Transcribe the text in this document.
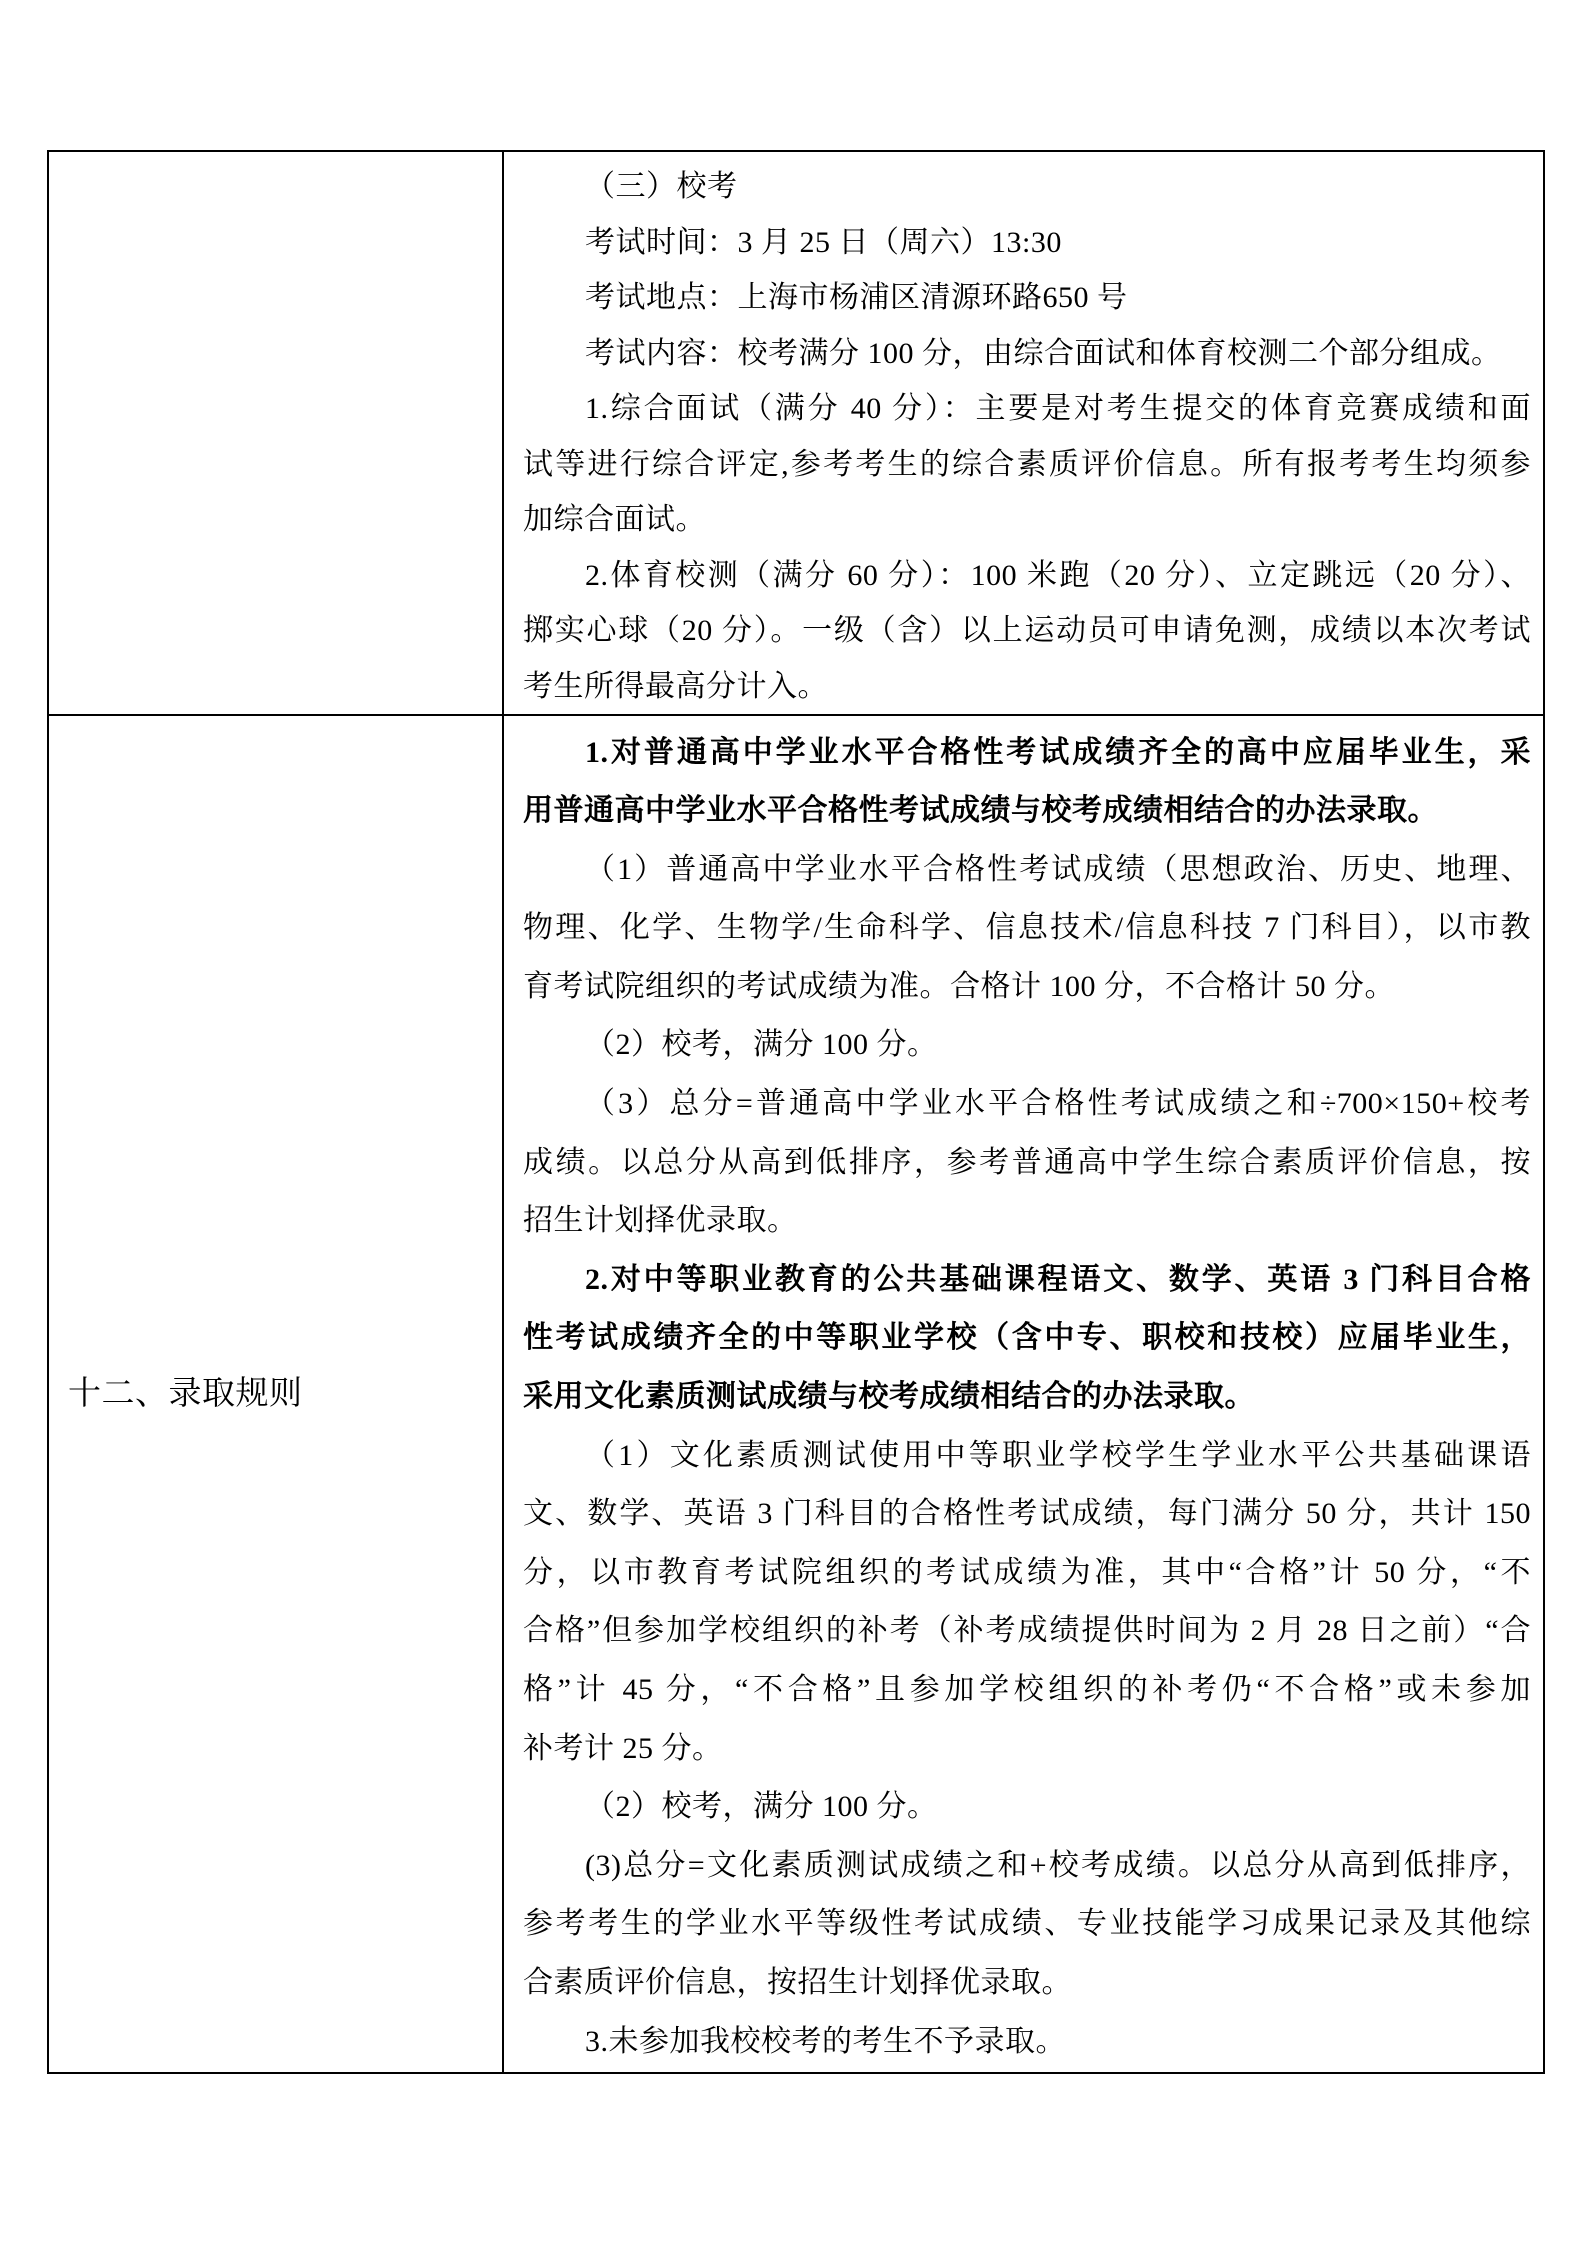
（三）校考
考试时间：3 月 25 日（周六）13:30
考试地点：上海市杨浦区清源环路650 号
考试内容：校考满分 100 分，由综合面试和体育校测二个部分组成。
1.综合面试（满分 40 分）：主要是对考生提交的体育竞赛成绩和面
试等进行综合评定,参考考生的综合素质评价信息。所有报考考生均须参
加综合面试。
2.体育校测（满分 60 分）：100 米跑（20 分）、立定跳远（20 分）、
掷实心球（20 分）。一级（含）以上运动员可申请免测，成绩以本次考试
考生所得最高分计入。
十二、录取规则
1.对普通高中学业水平合格性考试成绩齐全的高中应届毕业生，采
用普通高中学业水平合格性考试成绩与校考成绩相结合的办法录取。
（1）普通高中学业水平合格性考试成绩（思想政治、历史、地理、
物理、化学、生物学/生命科学、信息技术/信息科技 7 门科目），以市教
育考试院组织的考试成绩为准。合格计 100 分，不合格计 50 分。
（2）校考，满分 100 分。
（3）总分=普通高中学业水平合格性考试成绩之和÷700×150+校考
成绩。以总分从高到低排序，参考普通高中学生综合素质评价信息，按
招生计划择优录取。
2.对中等职业教育的公共基础课程语文、数学、英语 3 门科目合格
性考试成绩齐全的中等职业学校（含中专、职校和技校）应届毕业生，
采用文化素质测试成绩与校考成绩相结合的办法录取。
（1）文化素质测试使用中等职业学校学生学业水平公共基础课语
文、数学、英语 3 门科目的合格性考试成绩，每门满分 50 分，共计 150
分，以市教育考试院组织的考试成绩为准，其中“合格”计 50 分，“不
合格”但参加学校组织的补考（补考成绩提供时间为 2 月 28 日之前）“合
格”计 45 分，“不合格”且参加学校组织的补考仍“不合格”或未参加
补考计 25 分。
（2）校考，满分 100 分。
(3)总分=文化素质测试成绩之和+校考成绩。以总分从高到低排序，
参考考生的学业水平等级性考试成绩、专业技能学习成果记录及其他综
合素质评价信息，按招生计划择优录取。
3.未参加我校校考的考生不予录取。
